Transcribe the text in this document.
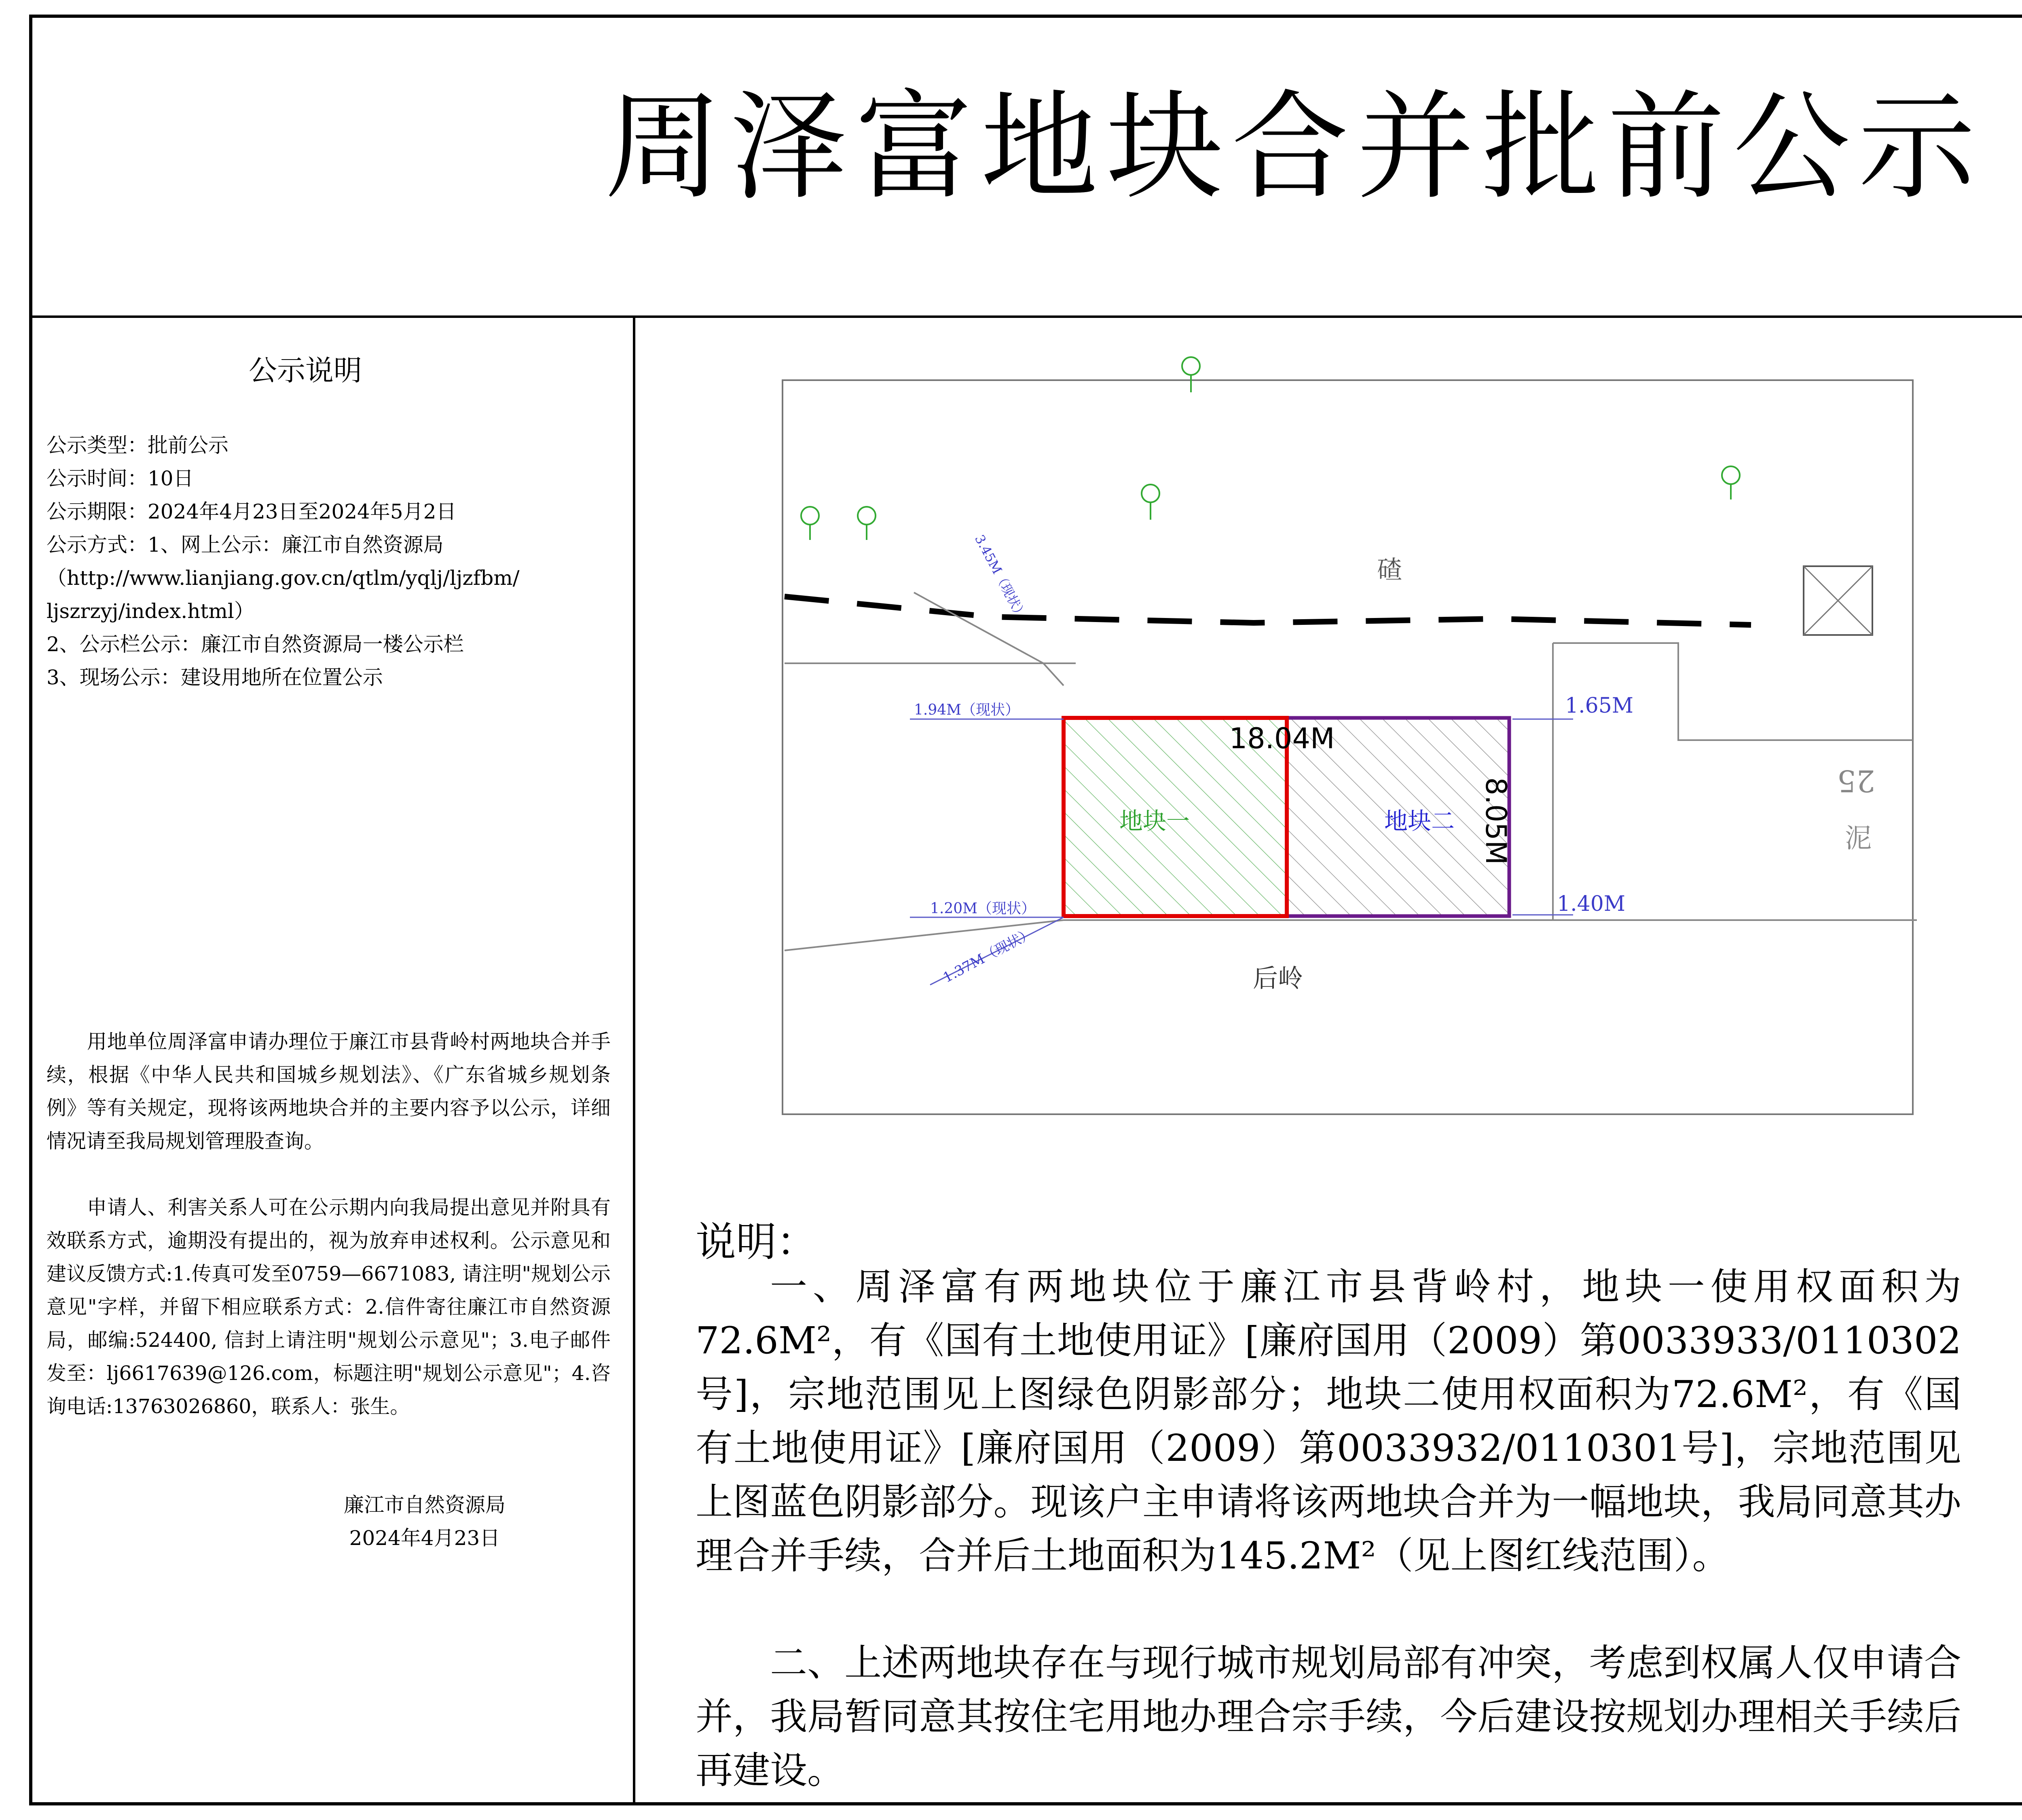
周泽富地块合并批前公示
公示说明
公示类型：批前公示
公示时间：10日
公示期限：2024年4月23日至2024年5月2日
公示方式：1、网上公示：廉江市自然资源局
（http://www.lianjiang.gov.cn/qtlm/yqlj/ljzfbm/
ljszrzyj/index.html）
2、公示栏公示：廉江市自然资源局一楼公示栏
3、现场公示：建设用地所在位置公示
用地单位周泽富申请办理位于廉江市县背岭村两地块合并手续，根据《中华人民共和国城乡规划法》、《广东省城乡规划条例》等有关规定，现将该两地块合并的主要内容予以公示，详细情况请至我局规划管理股查询。
申请人、利害关系人可在公示期内向我局提出意见并附具有效联系方式，逾期没有提出的，视为放弃申述权利。公示意见和建议反馈方式:1.传真可发至0759—6671083, 请注明"规划公示意见"字样，并留下相应联系方式：2.信件寄往廉江市自然资源局，邮编:524400, 信封上请注明"规划公示意见"；3.电子邮件发至：lj6617639@126.com，标题注明"规划公示意见"；4.咨询电话:13763026860，联系人：张生。
廉江市自然资源局
2024年4月23日
碴
后岭
25
泥
地块一	地块二
18.04M
8.05M
1.65M
1.40M
1.94M（现状）
1.20M（现状）
1.37M（现状）
3.45M（现状）
说明：
一、周泽富有两地块位于廉江市县背岭村，地块一使用权面积为72.6M²，有《国有土地使用证》[廉府国用（2009）第0033933/0110302号]，宗地范围见上图绿色阴影部分；地块二使用权面积为72.6M²，有《国有土地使用证》[廉府国用（2009）第0033932/0110301号]，宗地范围见上图蓝色阴影部分。现该户主申请将该两地块合并为一幅地块，我局同意其办理合并手续，合并后土地面积为145.2M²（见上图红线范围）。
二、上述两地块存在与现行城市规划局部有冲突，考虑到权属人仅申请合并，我局暂同意其按住宅用地办理合宗手续，今后建设按规划办理相关手续后再建设。
